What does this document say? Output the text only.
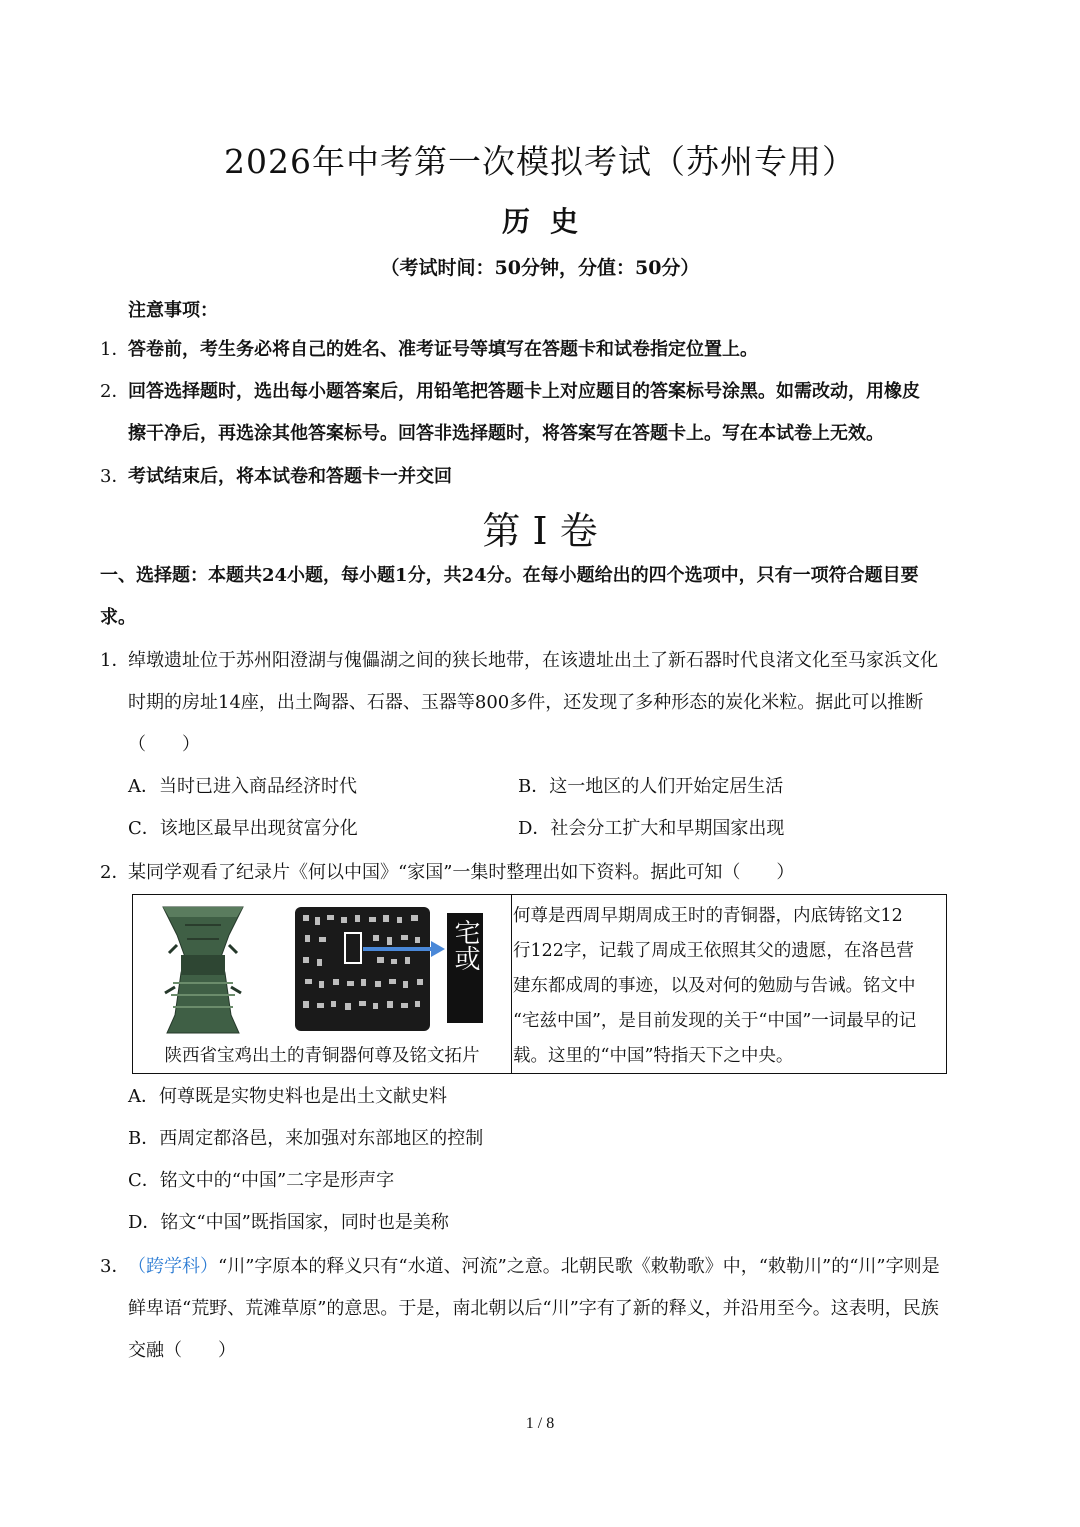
2026年中考第一次模拟考试（苏州专用）
历史
（考试时间：50分钟，分值：50分）
注意事项：
1．答卷前，考生务必将自己的姓名、准考证号等填写在答题卡和试卷指定位置上。
2．回答选择题时，选出每小题答案后，用铅笔把答题卡上对应题目的答案标号涂黑。如需改动，用橡皮
擦干净后，再选涂其他答案标号。回答非选择题时，将答案写在答题卡上。写在本试卷上无效。
3．考试结束后，将本试卷和答题卡一并交回
第 I 卷
一、选择题：本题共24小题，每小题1分，共24分。在每小题给出的四个选项中，只有一项符合题目要
求。
1．绰墩遗址位于苏州阳澄湖与傀儡湖之间的狭长地带，在该遗址出土了新石器时代良渚文化至马家浜文化
时期的房址14座，出土陶器、石器、玉器等800多件，还发现了多种形态的炭化米粒。据此可以推断
（　　）
A．当时已进入商品经济时代	B．这一地区的人们开始定居生活
C．该地区最早出现贫富分化	D．社会分工扩大和早期国家出现
2．某同学观看了纪录片《何以中国》“家国”一集时整理出如下资料。据此可知（　　）
宅或
陕西省宝鸡出土的青铜器何尊及铭文拓片
何尊是西周早期周成王时的青铜器，内底铸铭文12
行122字，记载了周成王依照其父的遗愿，在洛邑营
建东都成周的事迹，以及对何的勉励与告诫。铭文中
“宅兹中国”，是目前发现的关于“中国”一词最早的记
载。这里的“中国”特指天下之中央。
A．何尊既是实物史料也是出土文献史料
B．西周定都洛邑，来加强对东部地区的控制
C．铭文中的“中国”二字是形声字
D．铭文“中国”既指国家，同时也是美称
3．（跨学科）“川”字原本的释义只有“水道、河流”之意。北朝民歌《敕勒歌》中，“敕勒川”的“川”字则是
鲜卑语“荒野、荒滩草原”的意思。于是，南北朝以后“川”字有了新的释义，并沿用至今。这表明，民族
交融（　　）
1 / 8
